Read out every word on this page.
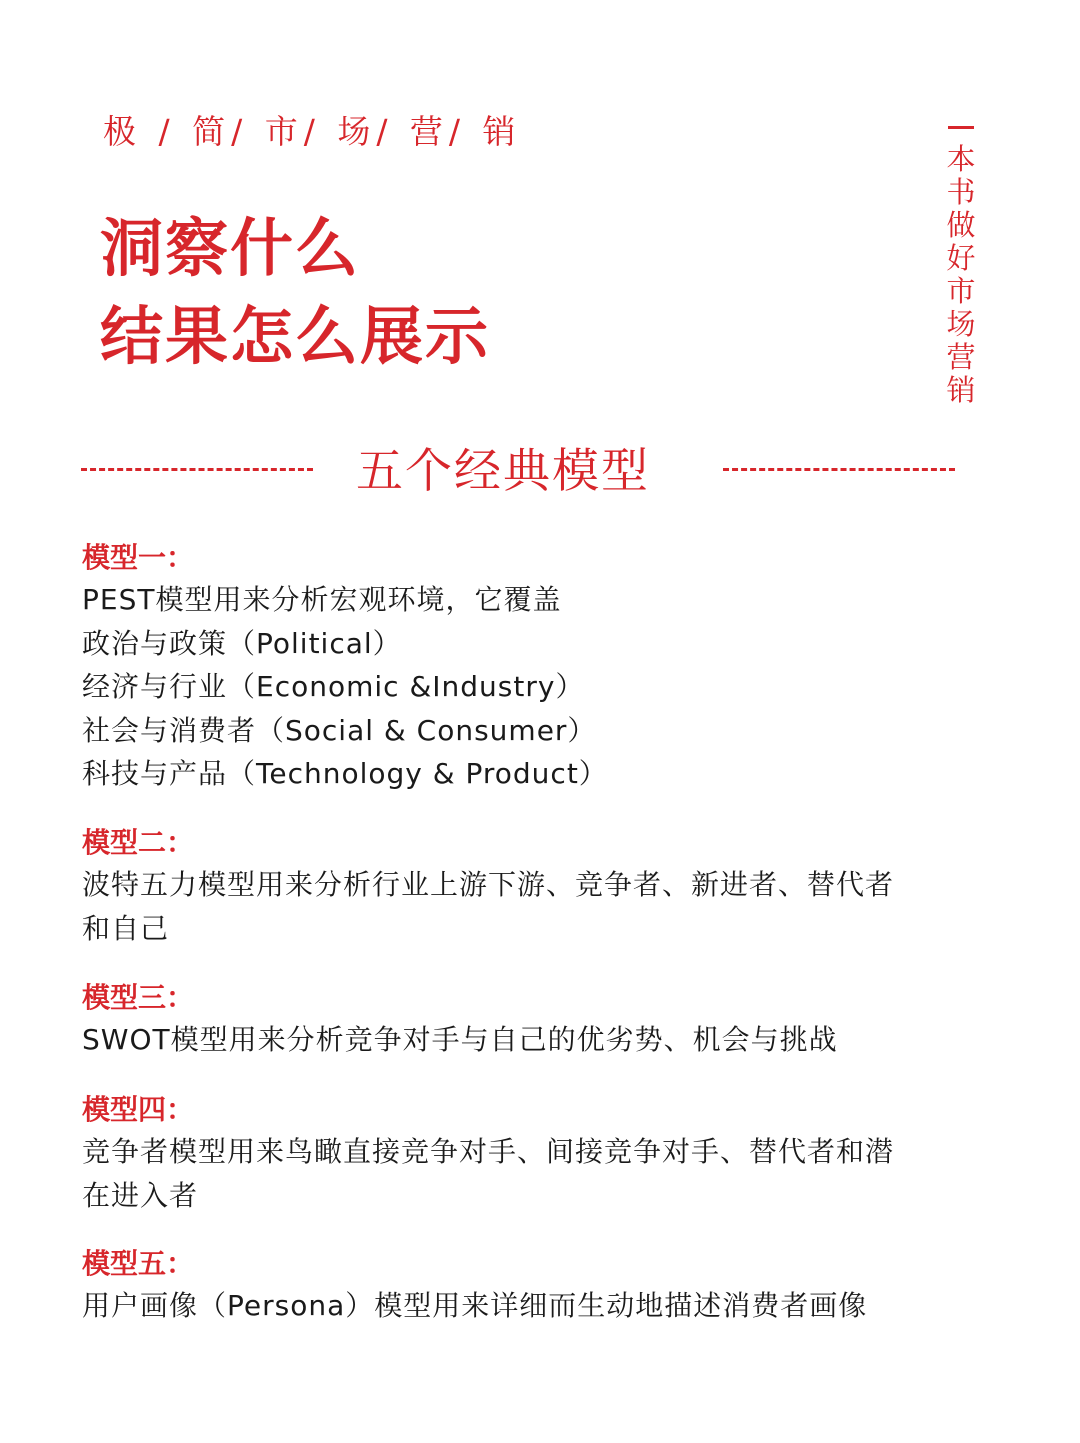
极 / 简/ 市/ 场/ 营/ 销
洞察什么
结果怎么展示
本
书
做
好
市
场
营
销
五个经典模型
模型一：
PEST模型用来分析宏观环境，它覆盖
政治与政策（Political）
经济与行业（Economic &Industry）
社会与消费者（Social & Consumer）
科技与产品（Technology & Product）
模型二：
波特五力模型用来分析行业上游下游、竞争者、新进者、替代者
和自己
模型三：
SWOT模型用来分析竞争对手与自己的优劣势、机会与挑战
模型四：
竞争者模型用来鸟瞰直接竞争对手、间接竞争对手、替代者和潜
在进入者
模型五：
用户画像（Persona）模型用来详细而生动地描述消费者画像
